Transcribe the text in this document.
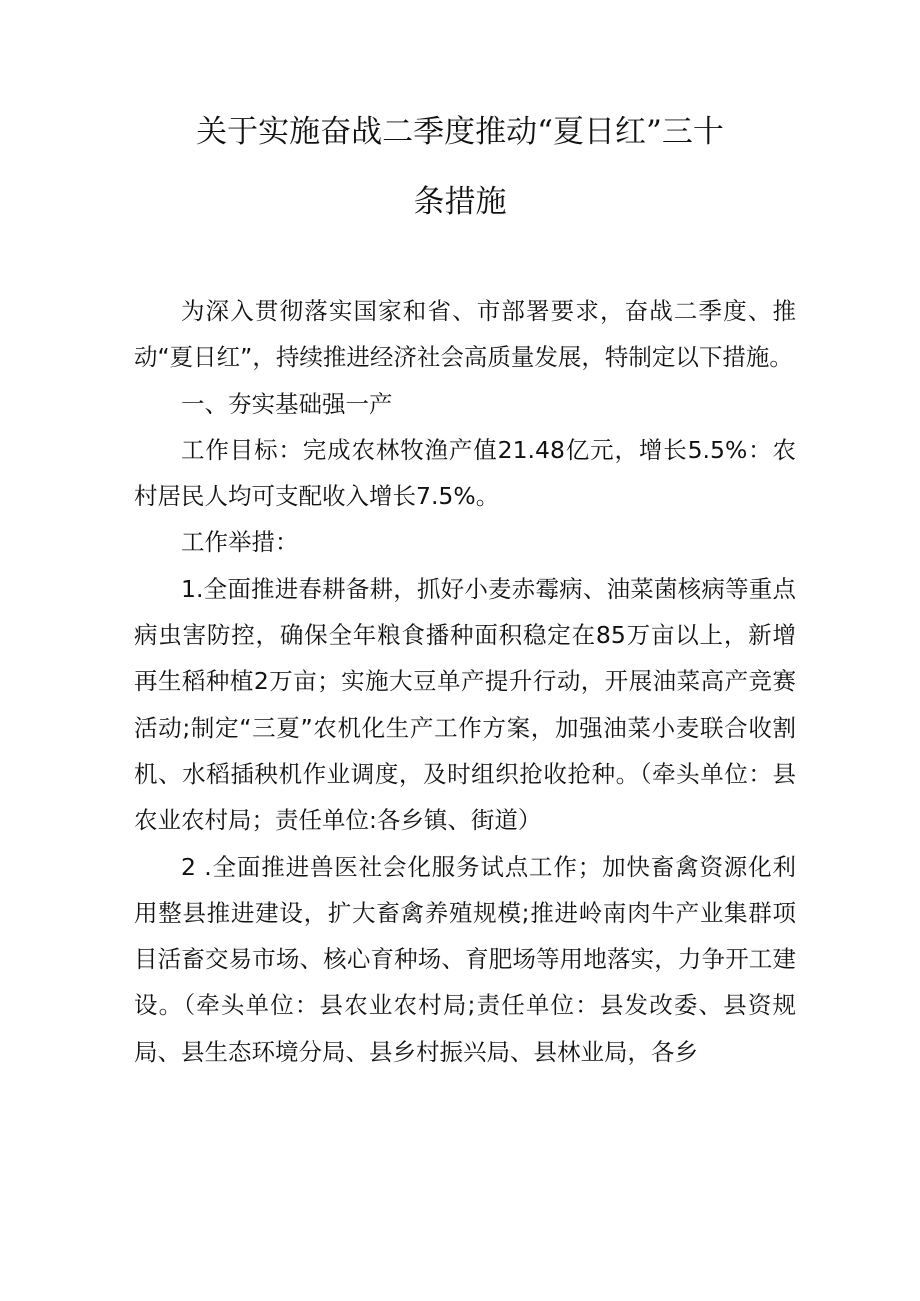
关于实施奋战二季度推动“夏日红”三十
条措施

为深入贯彻落实国家和省、市部署要求，奋战二季度、推动“夏日红”，持续推进经济社会高质量发展，特制定以下措施。

一、夯实基础强一产

工作目标：完成农林牧渔产值21.48亿元，增长5.5%：农村居民人均可支配收入增长7.5%。

工作举措：

1.全面推进春耕备耕，抓好小麦赤霉病、油菜菌核病等重点病虫害防控，确保全年粮食播种面积稳定在85万亩以上，新增再生稻种植2万亩；实施大豆单产提升行动，开展油菜高产竞赛活动;制定“三夏”农机化生产工作方案，加强油菜小麦联合收割机、水稻插秧机作业调度，及时组织抢收抢种。（牵头单位：县农业农村局；责任单位:各乡镇、街道）

2 .全面推进兽医社会化服务试点工作；加快畜禽资源化利用整县推进建设，扩大畜禽养殖规模;推进岭南肉牛产业集群项目活畜交易市场、核心育种场、育肥场等用地落实，力争开工建设。（牵头单位：县农业农村局;责任单位：县发改委、县资规局、县生态环境分局、县乡村振兴局、县林业局，各乡
